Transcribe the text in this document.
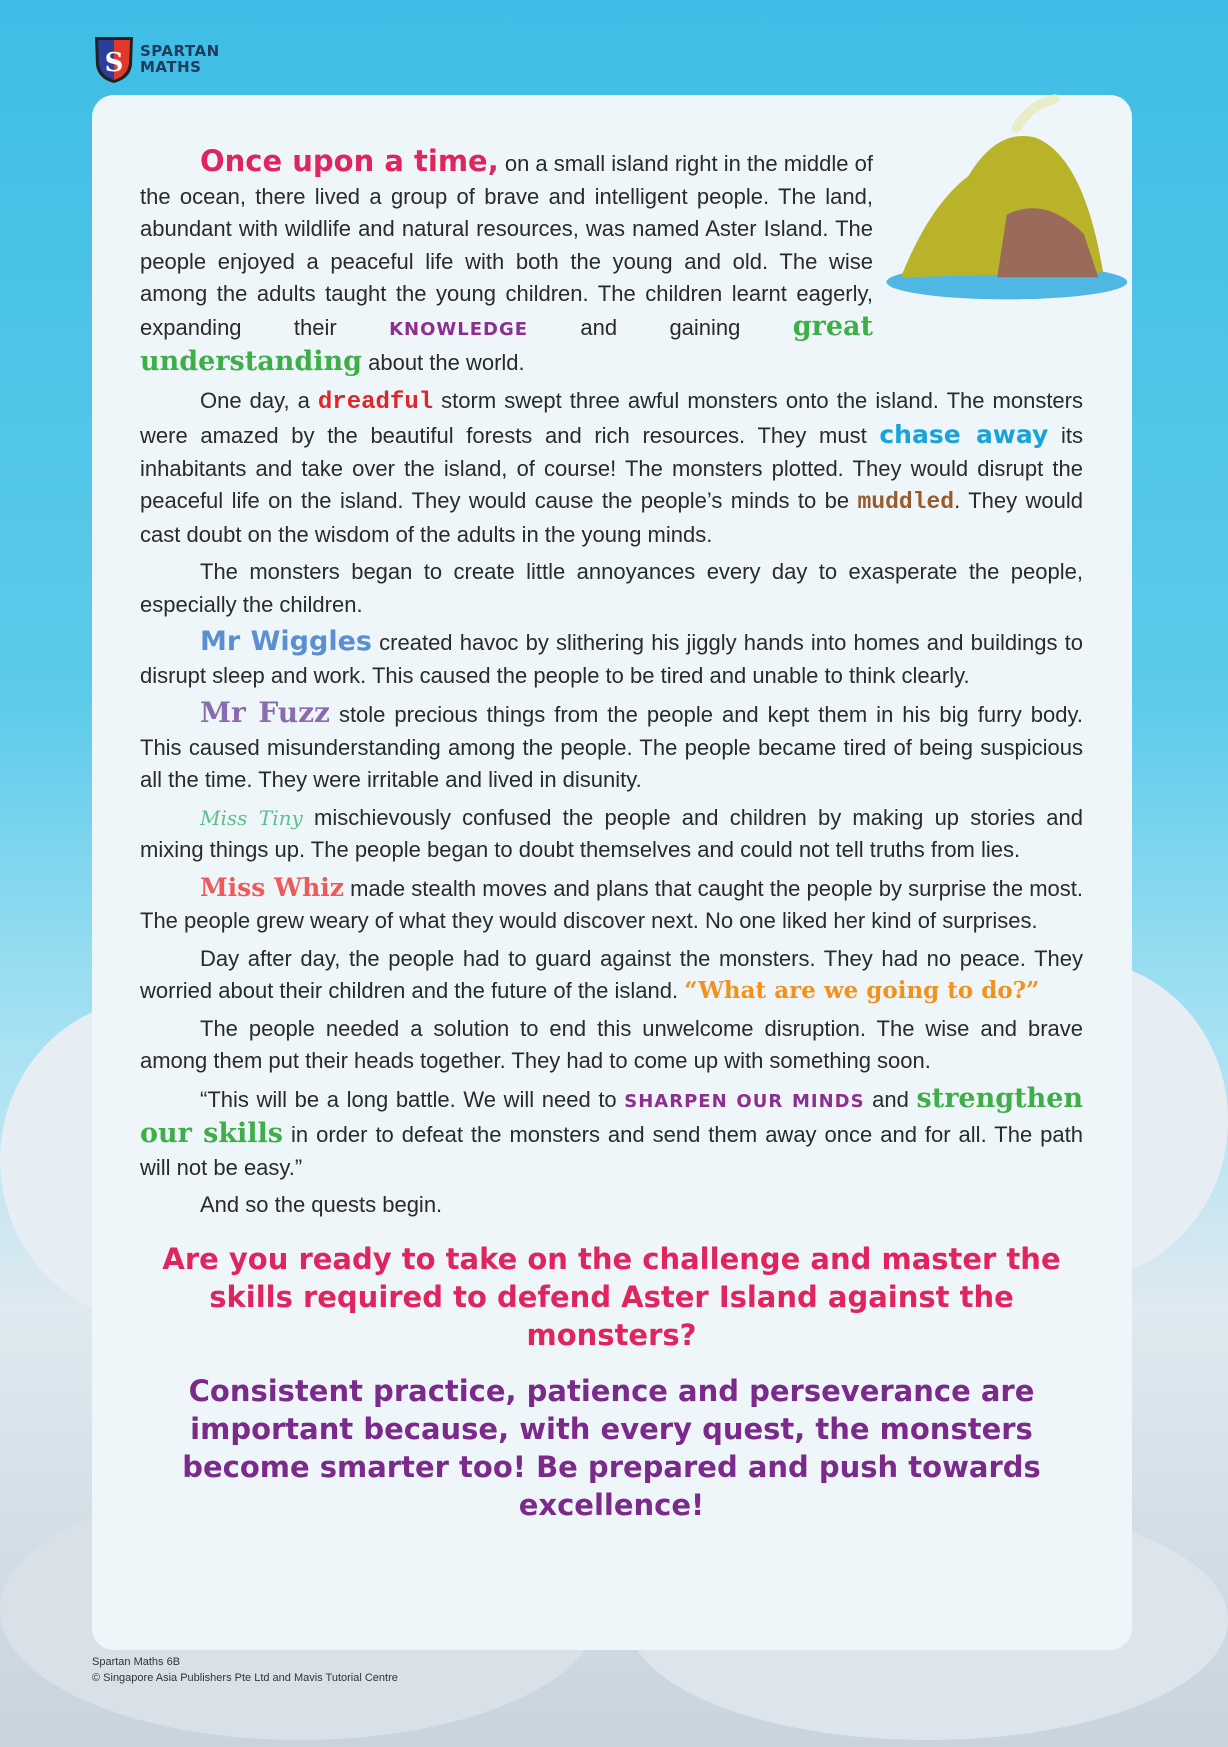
S SPARTAN
MATHS

Once upon a time, on a small island right in the middle of the ocean, there lived a group of brave and intelligent people. The land, abundant with wildlife and natural resources, was named Aster Island. The people enjoyed a peaceful life with both the young and old. The wise among the adults taught the young children. The children learnt eagerly, expanding their KNOWLEDGE and gaining great understanding about the world.

One day, a dreadful storm swept three awful monsters onto the island. The monsters were amazed by the beautiful forests and rich resources. They must chase away its inhabitants and take over the island, of course! The monsters plotted. They would disrupt the peaceful life on the island. They would cause the people’s minds to be muddled. They would cast doubt on the wisdom of the adults in the young minds.

The monsters began to create little annoyances every day to exasperate the people, especially the children.

Mr Wiggles created havoc by slithering his jiggly hands into homes and buildings to disrupt sleep and work. This caused the people to be tired and unable to think clearly.

Mr Fuzz stole precious things from the people and kept them in his big furry body. This caused misunderstanding among the people. The people became tired of being suspicious all the time. They were irritable and lived in disunity.

Miss Tiny mischievously confused the people and children by making up stories and mixing things up. The people began to doubt themselves and could not tell truths from lies.

Miss Whiz made stealth moves and plans that caught the people by surprise the most. The people grew weary of what they would discover next. No one liked her kind of surprises.

Day after day, the people had to guard against the monsters. They had no peace. They worried about their children and the future of the island. “What are we going to do?”

The people needed a solution to end this unwelcome disruption. The wise and brave among them put their heads together. They had to come up with something soon.

“This will be a long battle. We will need to SHARPEN OUR MINDS and strengthen our skills in order to defeat the monsters and send them away once and for all. The path will not be easy.”

And so the quests begin.

Are you ready to take on the challenge and master the skills required to defend Aster Island against the monsters?
Consistent practice, patience and perseverance are important because, with every quest, the monsters become smarter too! Be prepared and push towards excellence!
Spartan Maths 6B
© Singapore Asia Publishers Pte Ltd and Mavis Tutorial Centre
